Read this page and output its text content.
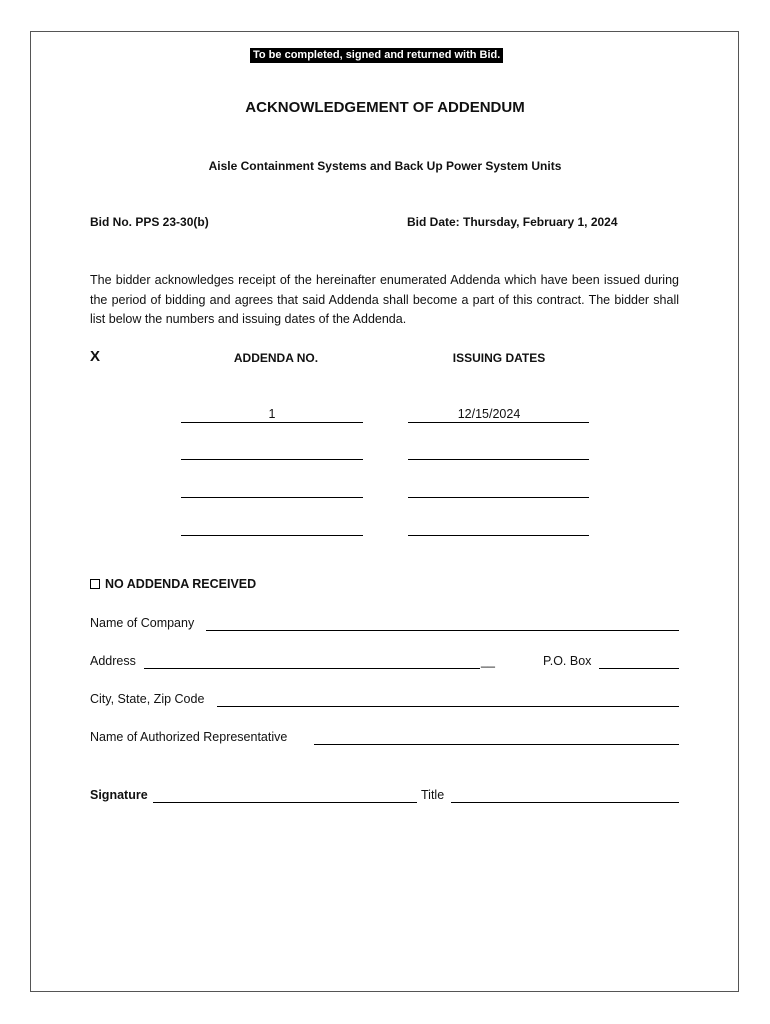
To be completed, signed and returned with Bid.
ACKNOWLEDGEMENT OF ADDENDUM
Aisle Containment Systems and Back Up Power System Units
Bid No. PPS 23-30(b)	Bid Date: Thursday, February 1, 2024
The bidder acknowledges receipt of the hereinafter enumerated Addenda which have been issued during the period of bidding and agrees that said Addenda shall become a part of this contract. The bidder shall list below the numbers and issuing dates of the Addenda.
X	ADDENDA NO.	ISSUING DATES
1	12/15/2024
NO ADDENDA RECEIVED
Name of Company
Address	__	P.O. Box
City, State, Zip Code
Name of Authorized Representative
Signature	Title
